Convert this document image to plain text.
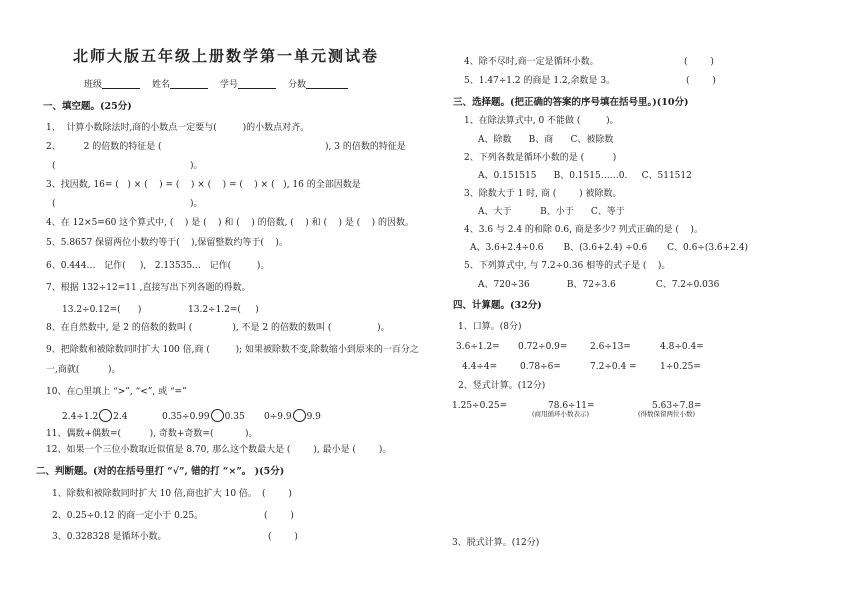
北师大版五年级上册数学第一单元测试卷
班级	姓名	学号	分数
一、填空题。(25分)
1、  计算小数除法时,商的小数点一定要与(         )的小数点对齐。
2、        2 的倍数的特征是 (	), 3 的倍数的特征是
(	)。
3、找因数, 16= (   ) × (    ) = (    ) × (    ) = (    ) × (   ), 16 的全部因数是
(	)。
4、在 12×5=60 这个算式中, (    ) 是 (    ) 和 (    ) 的倍数, (    ) 和 (    ) 是 (    ) 的因数。
5、5.8657 保留两位小数约等于(    ),保留整数约等于(    )。
6、0.444…   记作(     ),   2.13535…   记作(         )。
7、根据 132÷12=11 ,直接写出下列各题的得数。
13.2÷0.12=(      )	13.2÷1.2=(     )
8、在自然数中, 是 2 的倍数的数叫 (              ), 不是 2 的倍数的数叫 (                )。
9、把除数和被除数同时扩大 100 倍,商 (         ); 如果被除数不变,除数缩小到原来的一百分之
一,商就(          )。
10、在○里填上 “>”, “<”, 或 “=”
2.4÷1.2 2.4	0.35÷0.99 0.35 0÷9.9 9.9
11、偶数+偶数=(          ), 奇数+奇数=(           )。
12、如果一个三位小数取近似值是 8.70, 那么这个数最大是 (        ), 最小是 (        )。
二、判断题。(对的在括号里打 “√”, 错的打 “×”。 )(5分)
1、除数和被除数同时扩大 10 倍,商也扩大 10 倍。 (        )
2、0.25÷0.12 的商一定小于 0.25。	(        )
3、0.328328 是循环小数。	(        )
4、除不尽时,商一定是循环小数。	(        )
5、1.47÷1.2 的商是 1.2,余数是 3。	(        )
三、选择题。(把正确的答案的序号填在括号里。)(10分)
1、在除法算式中, 0 不能做 (         )。
A、除数      B、商      C、被除数
2、下列各数是循环小数的是 (          )
A、0.151515      B、0.1515……0.     C、511512
3、除数大于 1 时, 商 (        ) 被除数。
A、大于          B、小于      C、等于
4、3.6 与 2.4 的和除 0.6, 商是多少? 列式正确的是 (    )。
A、3.6+2.4÷0.6       B、(3.6+2.4) ÷0.6       C、0.6÷(3.6+2.4)
5、下列算式中, 与 7.2÷0.36 相等的式子是 (    )。
A、720÷36             B、72÷3.6              C、7.2÷0.036
四、计算题。(32分)
1、口算。(8分)
3.6÷1.2= 0.72÷0.9=	2.6÷13=	4.8÷0.4=
4.4÷4=	0.78÷6=	7.2÷0.4 =	1÷0.25=
2、竖式计算。(12分)
1.25÷0.25=	78.6÷11=
(商用循环小数表示)
5.63÷7.8=
(得数保留两位小数)
3、脱式计算。(12分)
